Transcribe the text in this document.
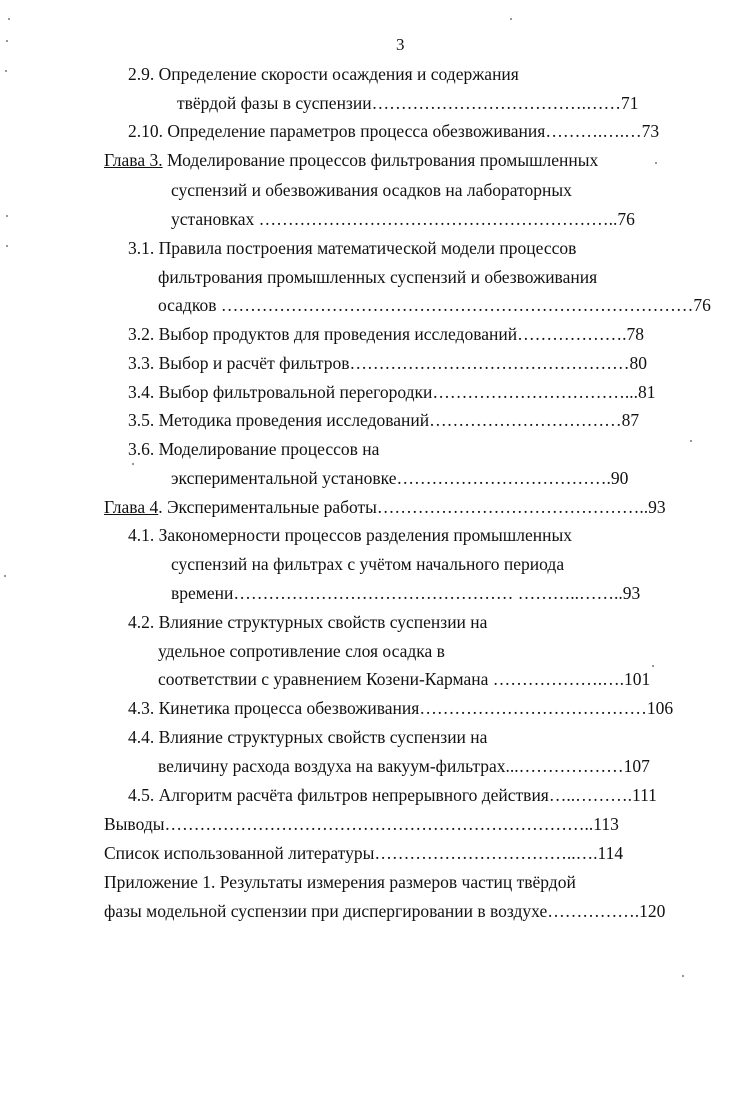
3
2.9. Определение скорости осаждения и содержания
твёрдой фазы в суспензии……………………………….……71
2.10. Определение параметров процесса обезвоживания……….….…73
Глава 3. Моделирование процессов фильтрования промышленных
суспензий и обезвоживания осадков на лабораторных
установках ……………………………………………………..76
3.1. Правила построения математической модели процессов
фильтрования промышленных суспензий и обезвоживания
осадков ………………………………………………………………………76
3.2. Выбор продуктов для проведения исследований……………….78
3.3. Выбор и расчёт фильтров…………………………………………80
3.4. Выбор фильтровальной перегородки……………………………...81
3.5. Методика проведения исследований……………………………87
3.6. Моделирование процессов на
экспериментальной установке……………………………….90
Глава 4. Экспериментальные работы………………………………………..93
4.1. Закономерности процессов разделения промышленных
суспензий на фильтрах с учётом начального периода
времени………………………………………… ………..……..93
4.2. Влияние структурных свойств суспензии на
удельное сопротивление слоя осадка в
соответствии с уравнением Козени-Кармана ……………….….101
4.3. Кинетика процесса обезвоживания…………………………………106
4.4. Влияние структурных свойств суспензии на
величину расхода воздуха на вакуум-фильтрах...………………107
4.5. Алгоритм расчёта фильтров непрерывного действия…..……….111
Выводы………………………………………………………………..113
Список использованной литературы……………………………..….114
Приложение 1. Результаты измерения размеров частиц твёрдой
фазы модельной суспензии при диспергировании в воздухе…………….120
